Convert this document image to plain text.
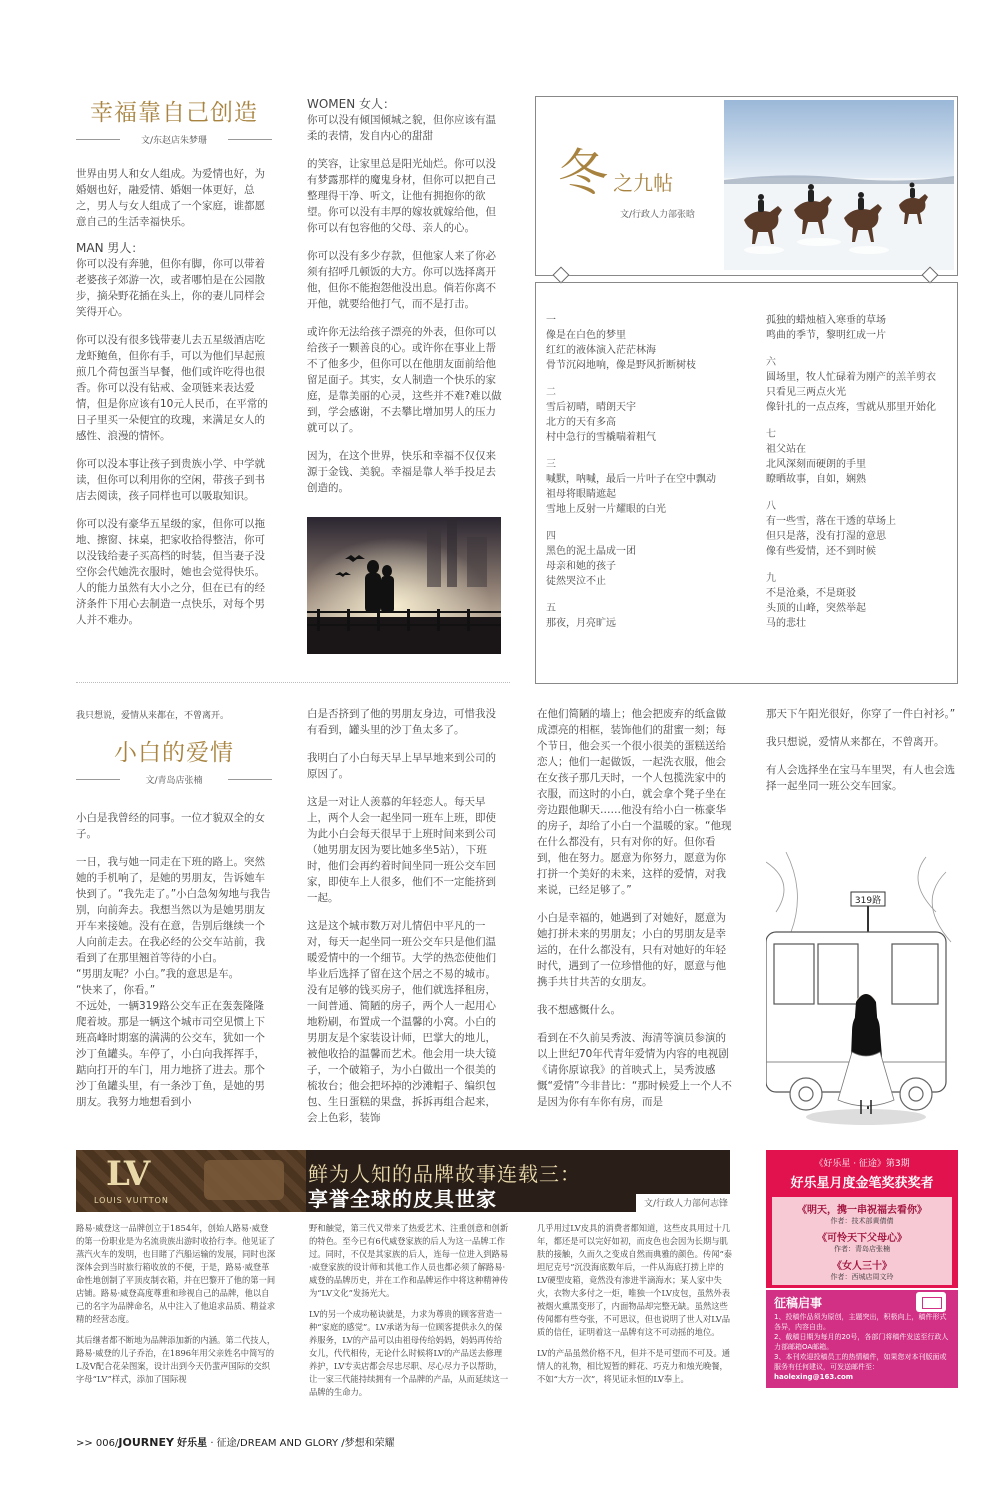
幸福靠自己创造
文/东赵店朱梦珊

世界由男人和女人组成。为爱情也好，为婚姻也好，融爱情、婚姻一体更好，总之，男人与女人组成了一个家庭，谁都愿意自己的生活幸福快乐。

MAN 男人：

你可以没有奔驰，但你有脚，你可以带着老婆孩子郊游一次，或者哪怕是在公园散步，摘朵野花插在头上，你的妻儿同样会笑得开心。

你可以没有很多钱带妻儿去五星级酒店吃龙虾鲍鱼，但你有手，可以为他们早起煎煎几个荷包蛋当早餐，他们或许吃得也很香。你可以没有钻戒、金项链来表达爱情，但是你应该有10元人民币，在平常的日子里买一朵便宜的玫瑰，来满足女人的感性、浪漫的情怀。

你可以没本事让孩子到贵族小学、中学就读，但你可以利用你的空闲，带孩子到书店去阅读，孩子同样也可以吸取知识。

你可以没有豪华五星级的家，但你可以拖地、擦窗、抹桌，把家收拾得整洁，你可以没钱给妻子买高档的时装，但当妻子没空你会代她洗衣服时，她也会觉得快乐。人的能力虽然有大小之分，但在已有的经济条件下用心去制造一点快乐，对每个男人并不难办。

WOMEN 女人：

你可以没有倾国倾城之貌，但你应该有温柔的表情，发自内心的甜甜

的笑容，让家里总是阳光灿烂。你可以没有梦露那样的魔鬼身材，但你可以把自己整理得干净、听文，让他有拥抱你的欲望。你可以没有丰厚的嫁妆就嫁给他，但你可以有包容他的父母、亲人的心。

你可以没有多少存款，但他家人来了你必须有招呼几顿饭的大方。你可以选择离开他，但你不能抱怨他没出息。倘若你离不开他，就要给他打气，而不是打击。

或许你无法给孩子漂亮的外表，但你可以给孩子一颗善良的心。或许你在事业上帮不了他多少，但你可以在他朋友面前给他留足面子。其实，女人制造一个快乐的家庭，是靠美丽的心灵，这些并不难?难以做到，学会感谢，不去攀比增加男人的压力就可以了。

因为，在这个世界，快乐和幸福不仅仅来源于金钱、美貌。幸福是靠人举手投足去创造的。

冬 之九帖
文/行政人力部张晗
一
像是在白色的梦里
红红的液体演入茫茫林海
骨节沉闷地响，像是野风折断树枝
二
雪后初晴，晴朗天宇
北方的天有多高
村中急行的雪橇喘着粗气
三
喊默，呐喊，最后一片叶子在空中飘动
祖母将眼睛遮起
雪地上反射一片耀眼的白光
四
黑色的泥土晶成一团
母亲和她的孩子
徒然哭泣不止
五
那夜，月亮旷远
孤独的蜡烛植入寒垂的草场
鸣曲的季节，黎明红成一片
六
圆场里，牧人忙碌着为刚产的羔羊剪衣
只看见三两点火光
像针扎的一点点疼，雪就从那里开始化
七
祖父站在
北风深刻而硬朗的手里
瞭晒故事，自如，娴熟
八
有一些雪，落在干透的草场上
但只是落，没有打湿的意思
像有些爱情，还不到时候
九
不是沧桑，不是斑驳
头顶的山峰，突然举起
马的悲壮
我只想说，爱情从来都在，不曾离开。
小白的爱情
文/青岛店张楠

小白是我曾经的同事。一位才貌双全的女子。

一日，我与她一同走在下班的路上。突然她的手机响了，是她的男朋友，告诉她车快到了。“我先走了。”小白急匆匆地与我告别，向前奔去。我想当然以为是她男朋友开车来接她。没有在意，告别后继续一个人向前走去。在我必经的公交车站前，我看到了在那里翘首等待的小白。
“男朋友呢？小白。”我的意思是车。
“快来了，你看。”
不远处，一辆319路公交车正在轰轰隆隆爬着坡。那是一辆这个城市司空见惯上下班高峰时期塞的满满的公交车，犹如一个沙丁鱼罐头。车停了，小白向我挥挥手，踮向打开的车门，用力地挤了进去。那个沙丁鱼罐头里，有一条沙丁鱼，是她的男朋友。我努力地想看到小

白是否挤到了他的男朋友身边，可惜我没有看到，罐头里的沙丁鱼太多了。

我明白了小白每天早上早早地来到公司的原因了。

这是一对让人羡慕的年轻恋人。每天早上，两个人会一起坐同一班车上班，即使为此小白会每天很早于上班时间来到公司（她男朋友因为要比她多坐5站），下班时，他们会再约着时间坐同一班公交车回家，即使车上人很多，他们不一定能挤到一起。

这是这个城市数万对儿情侣中平凡的一对，每天一起坐同一班公交车只是他们温暖爱情中的一个细节。大学的热恋使他们毕业后选择了留在这个居之不易的城市。没有足够的钱买房子，他们就选择租房，一间普通、简陋的房子，两个人一起用心地粉刷，布置成一个温馨的小窝。小白的男朋友是个家装设计师，巴掌大的地儿，被他收拾的温馨而艺术。他会用一块大镜子，一个破箱子，为小白做出一个很美的梳妆台；他会把坏掉的沙滩帽子、编织包包、生日蛋糕的果盘，拆拆再组合起来，会上色彩，装饰

在他们简陋的墙上；他会把废弃的纸盒做成漂亮的相框，装饰他们的甜蜜一刻；每个节日，他会买一个很小很美的蛋糕送给恋人；他们一起做饭，一起洗衣服，他会在女孩子那几天时，一个人包揽洗家中的衣服，而这时的小白，就会拿个凳子坐在旁边跟他聊天……他没有给小白一栋豪华的房子，却给了小白一个温暖的家。“他现在什么都没有，只有对你的好。但你看到，他在努力。愿意为你努力，愿意为你打拼一个美好的未来，这样的爱情，对我来说，已经足够了。”

小白是幸福的，她遇到了对她好，愿意为她打拼未来的男朋友；小白的男朋友是幸运的，在什么都没有，只有对她好的年轻时代，遇到了一位珍惜他的好，愿意与他携手共甘共苦的女朋友。

我不想感慨什么。

看到在不久前吴秀波、海清等演员参演的以上世纪70年代青年爱情为内容的电视剧《请你原谅我》的首映式上，吴秀波感慨“爱情”今非昔比：“那时候爱上一个人不是因为你有车你有房，而是

那天下午阳光很好，你穿了一件白衬衫。”

我只想说，爱情从来都在，不曾离开。

有人会选择坐在宝马车里哭，有人也会选择一起坐同一班公交车回家。

319路
LV
LOUIS VUITTON
鲜为人知的品牌故事连载三：
享誉全球的皮具世家	文/行政人力部何志锋

路易·威登这一品牌创立于1854年，创始人路易·威登的第一份职业是为名流贵族出游时收拾行李。他见证了蒸汽火车的发明，也目睹了汽船运输的发展，同时也深深体会到当时旅行箱收放的不便，于是，路易·威登革命性地创制了平顶皮制衣箱，并在巴黎开了他的第一间店铺。路易·威登高度尊重和珍视自己的品牌，他以自己的名字为品牌命名，从中注入了他追求品质、精益求精的经营态度。

其后继者都不断地为品牌添加新的内涵。第二代技人，路易·威登的儿子乔治，在1896年用父亲姓名中简写的L及V配合花朵图案，设计出到今天仍蜚声国际的交织字母“LV”样式，添加了国际视

野和触觉，第三代又带来了热爱艺术、注重创意和创新的特色。至今已有6代威登家族的后人为这一品牌工作过。同时，不仅是其家族的后人，连每一位进入到路易·威登家族的设计师和其他工作人员也都必须了解路易·威登的品牌历史，并在工作和品牌运作中将这种精神传为“LV文化”发扬光大。

LV的另一个成功秘诀就是，力求为尊贵的顾客营造一种“家庭的感觉”。LV承诺为每一位顾客提供永久的保养服务，LV的产品可以由祖母传给妈妈，妈妈再传给女儿，代代相传，无论什么时候将LV的产品送去修理养护，LV专卖店都会尽忠尽职、尽心尽力予以帮助，让一家三代能持续拥有一个品牌的产品，从而延续这一品牌的生命力。

几乎用过LV皮具的消费者都知道，这些皮具用过十几年，都还是可以完好如初，而皮色也会因为长期与肌肤的接触，久而久之变成自然而典雅的颜色。传闻“泰坦尼克号”沉没海底数年后，一件从海底打捞上岸的LV硬型皮箱，竟然没有渗进半滴海水；某人家中失火，衣物大多付之一炬，唯独一个LV皮包，虽然外表被烟火熏黑变形了，内面物品却完整无缺。虽然这些传闻都有些夸张，不可思议，但也说明了世人对LV品质的信任，证明着这一品牌有这不可动摇的地位。

LV的产品虽然价格不凡，但并不是可望而不可及。通情人的礼物，相比短暂的鲜花、巧克力和烛光晚餐，不如“大方一次”，将见证永恒的LV奉上。

《好乐星 · 征途》第3期
好乐星月度金笔奖获奖者
《明天，携一串祝福去看你》
作者：技术部黄倩倩
《可怜天下父母心》
作者：青岛店张楠
《女人三十》
作者：西城店周文玲
征稿启事
1、投稿作品须为原创，主题突出，积极向上，稿件形式各异，内容自由。
2、截稿日期为每月的20号，各部门将稿件发送至行政人力部邮箱OA邮箱。
3、本刊欢迎投稿员工的热情稿件，如果您对本刊版面或服务有任何建议，可发送邮件至：
haolexing@163.com
>> 006/JOURNEY 好乐星 · 征途/DREAM AND GLORY /梦想和荣耀
